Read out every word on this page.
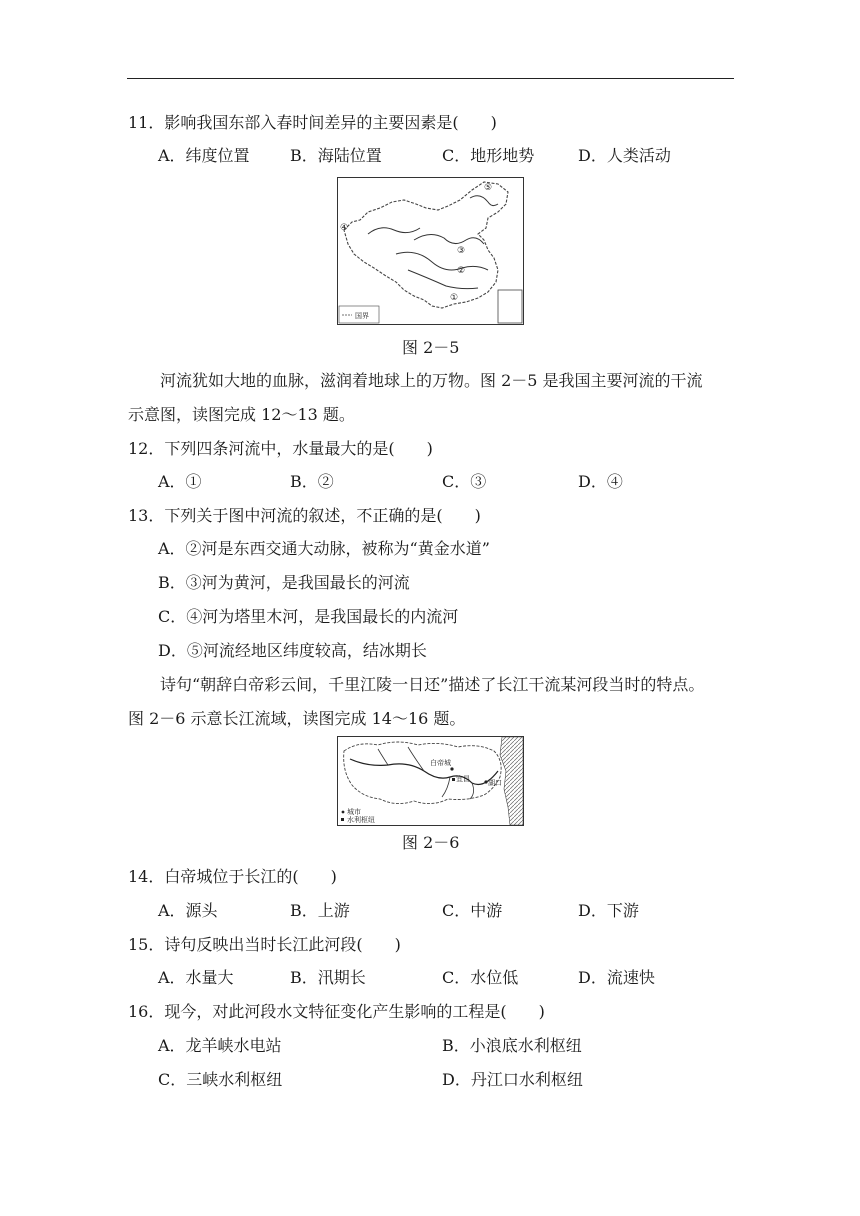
11．影响我国东部入春时间差异的主要因素是(　　)
A．纬度位置	B．海陆位置	C．地形地势	D．人类活动
①
②
③
④
⑤
国界
图 2－5
河流犹如大地的血脉，滋润着地球上的万物。图 2－5 是我国主要河流的干流
示意图，读图完成 12～13 题。
12．下列四条河流中，水量最大的是(　　)
A．①	B．②	C．③	D．④
13．下列关于图中河流的叙述，不正确的是(　　)
A．②河是东西交通大动脉，被称为“黄金水道”
B．③河为黄河，是我国最长的河流
C．④河为塔里木河，是我国最长的内流河
D．⑤河流经地区纬度较高，结冰期长
诗句“朝辞白帝彩云间，千里江陵一日还”描述了长江干流某河段当时的特点。
图 2－6 示意长江流域，读图完成 14～16 题。
白帝城
宜昌	湖口
城市
水利枢纽
图 2－6
14．白帝城位于长江的(　　)
A．源头	B．上游	C．中游	D．下游
15．诗句反映出当时长江此河段(　　)
A．水量大	B．汛期长	C．水位低	D．流速快
16．现今，对此河段水文特征变化产生影响的工程是(　　)
A．龙羊峡水电站	B．小浪底水利枢纽
C．三峡水利枢纽	D．丹江口水利枢纽
